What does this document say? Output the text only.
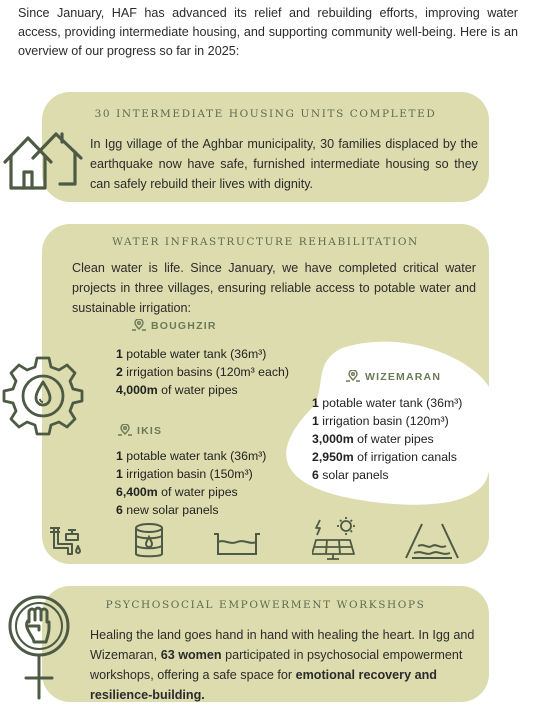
Since January, HAF has advanced its relief and rebuilding efforts, improving water access, providing intermediate housing, and supporting community well-being. Here is an overview of our progress so far in 2025:

30 INTERMEDIATE HOUSING UNITS COMPLETED

In Igg village of the Aghbar municipality, 30 families displaced by the earthquake now have safe, furnished intermediate housing so they can safely rebuild their lives with dignity.

WATER INFRASTRUCTURE REHABILITATION

Clean water is life. Since January, we have completed critical water projects in three villages, ensuring reliable access to potable water and sustainable irrigation:

BOUGHZIR
1 potable water tank (36m³)
2 irrigation basins (120m³ each)
4,000m of water pipes
IKIS
1 potable water tank (36m³)
1 irrigation basin (150m³)
6,400m of water pipes
6 new solar panels
WIZEMARAN
1 potable water tank (36m³)
1 irrigation basin (120m³)
3,000m of water pipes
2,950m of irrigation canals
6 solar panels
PSYCHOSOCIAL EMPOWERMENT WORKSHOPS

Healing the land goes hand in hand with healing the heart. In Igg and Wizemaran, 63 women participated in psychosocial empowerment workshops, offering a safe space for emotional recovery and resilience-building.
